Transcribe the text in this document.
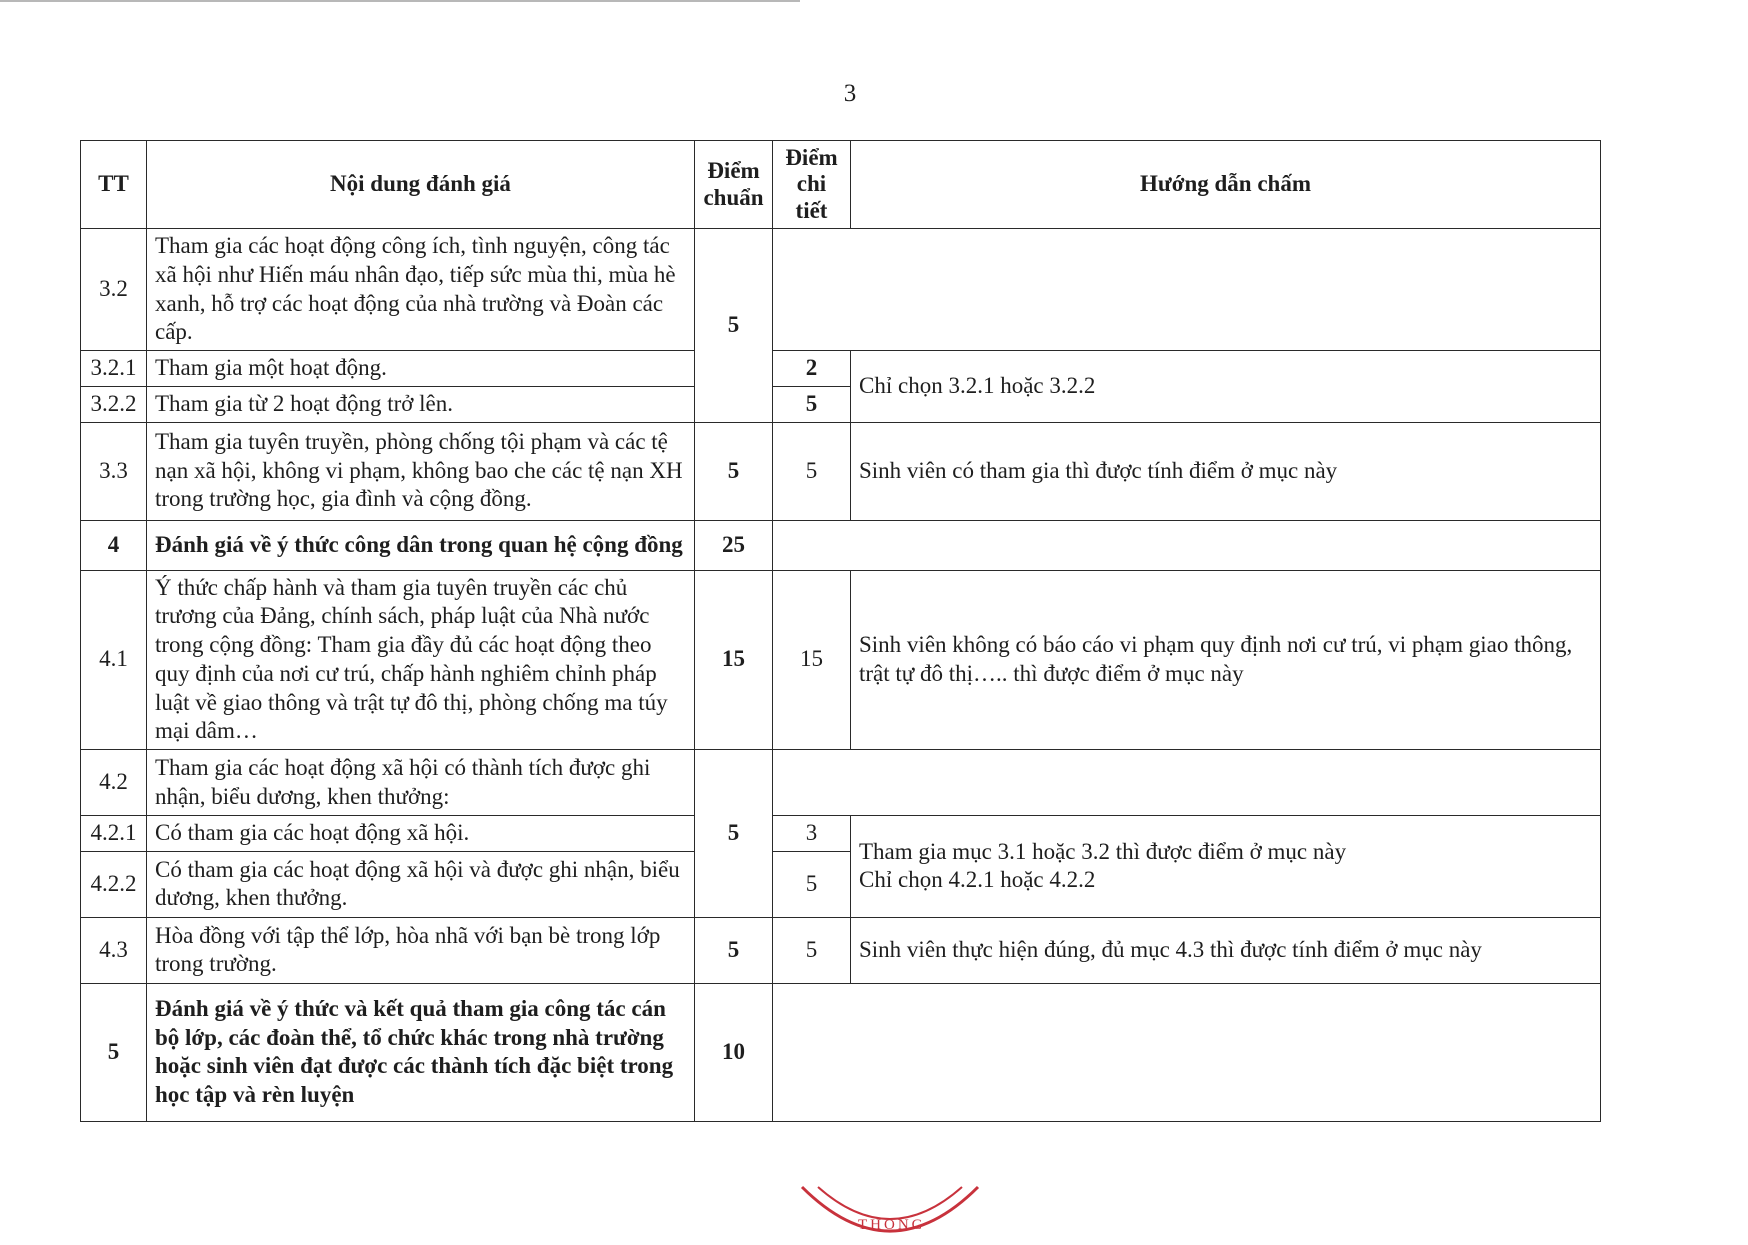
3
TT	Nội dung đánh giá	Điểm chuẩn	Điểm chi tiết	Hướng dẫn chấm
3.2	Tham gia các hoạt động công ích, tình nguyện, công tác xã hội như Hiến máu nhân đạo, tiếp sức mùa thi, mùa hè xanh, hỗ trợ các hoạt động của nhà trường và Đoàn các cấp.	5		
3.2.1	Tham gia một hoạt động.		2	Chỉ chọn 3.2.1 hoặc 3.2.2
3.2.2	Tham gia từ 2 hoạt động trở lên.		5	
3.3	Tham gia tuyên truyền, phòng chống tội phạm và các tệ nạn xã hội, không vi phạm, không bao che các tệ nạn XH trong trường học, gia đình và cộng đồng.	5	5	Sinh viên có tham gia thì được tính điểm ở mục này
4	Đánh giá về ý thức công dân trong quan hệ cộng đồng	25		
4.1	Ý thức chấp hành và tham gia tuyên truyền các chủ trương của Đảng, chính sách, pháp luật của Nhà nước trong cộng đồng: Tham gia đầy đủ các hoạt động theo quy định của nơi cư trú, chấp hành nghiêm chỉnh pháp luật về giao thông và trật tự đô thị, phòng chống ma túy mại dâm…	15	15	Sinh viên không có báo cáo vi phạm quy định nơi cư trú, vi phạm giao thông, trật tự đô thị….. thì được điểm ở mục này
4.2	Tham gia các hoạt động xã hội có thành tích được ghi nhận, biểu dương, khen thưởng:	5		
4.2.1	Có tham gia các hoạt động xã hội.		3	Tham gia mục 3.1 hoặc 3.2 thì được điểm ở mục này
Chỉ chọn 4.2.1 hoặc 4.2.2

4.2.2	Có tham gia các hoạt động xã hội và được ghi nhận, biểu dương, khen thưởng.		5	
4.3	Hòa đồng với tập thể lớp, hòa nhã với bạn bè trong lớp trong trường.	5	5	Sinh viên thực hiện đúng, đủ mục 4.3 thì được tính điểm ở mục này
5	Đánh giá về ý thức và kết quả tham gia công tác cán bộ lớp, các đoàn thể, tổ chức khác trong nhà trường hoặc sinh viên đạt được các thành tích đặc biệt trong học tập và rèn luyện	10		
THONG
